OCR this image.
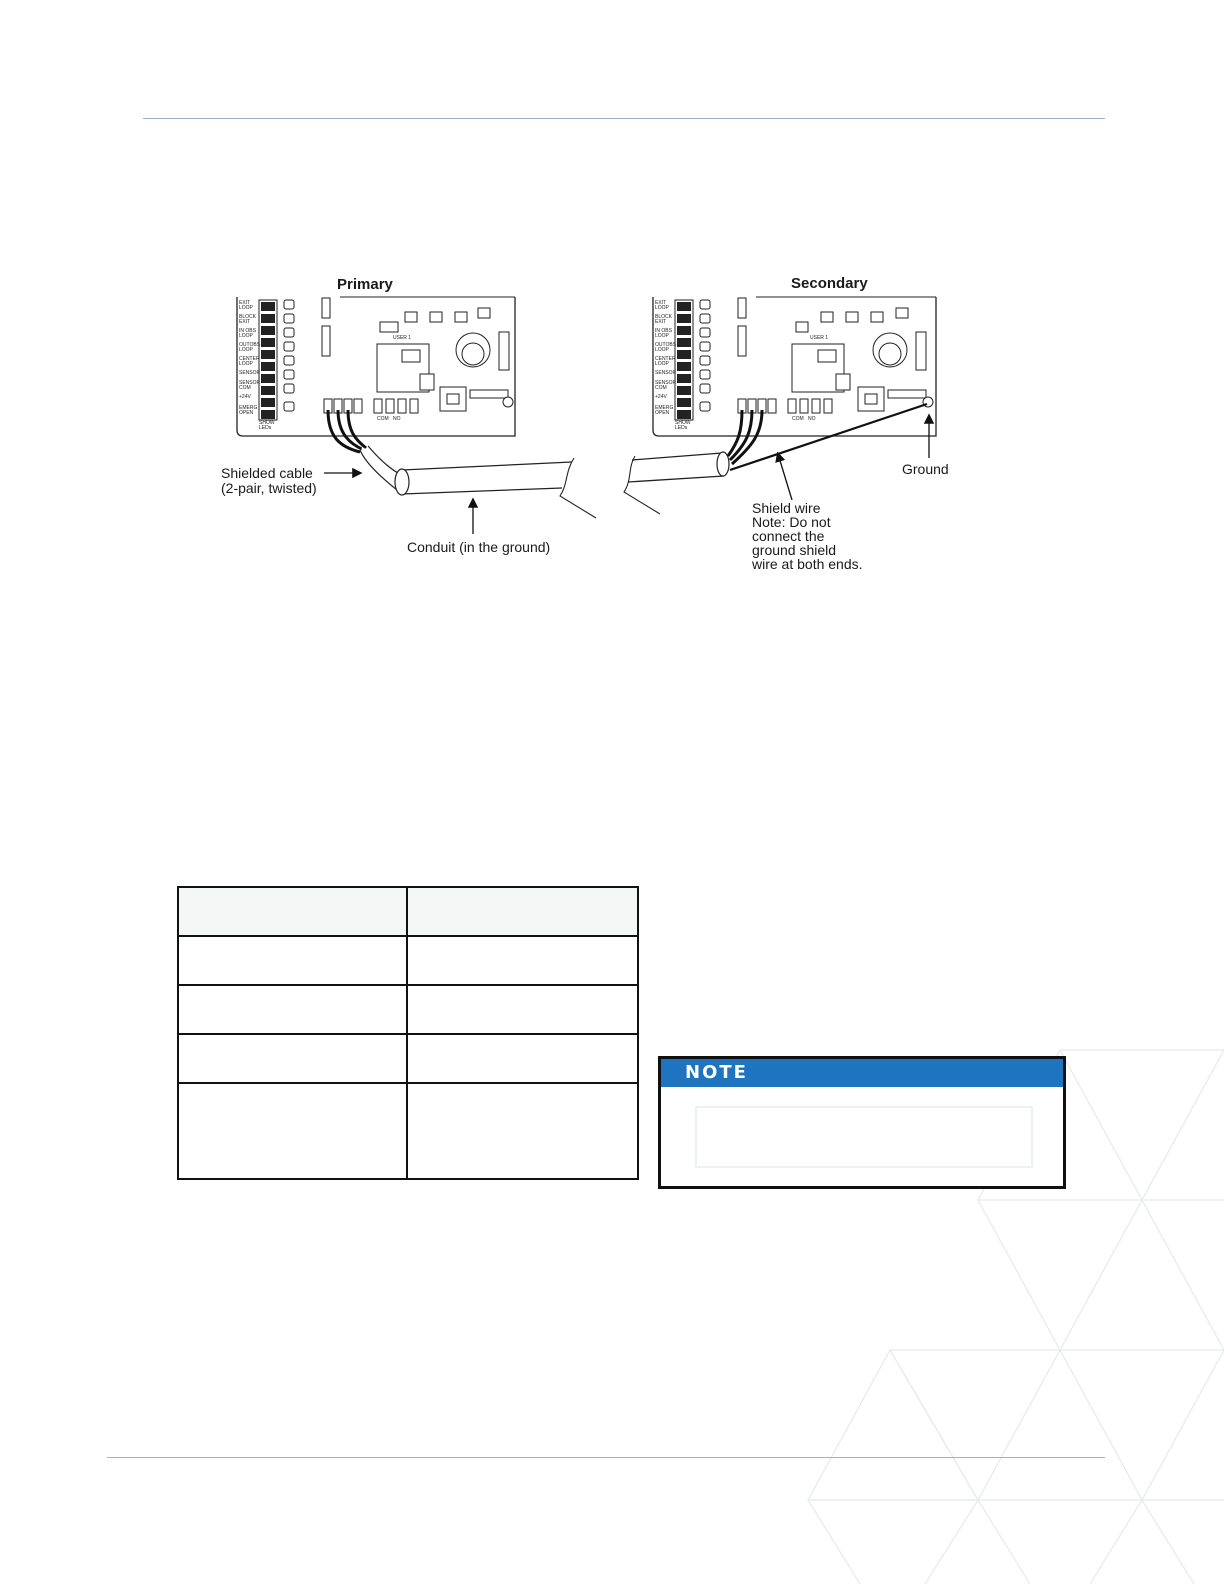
Primary	Secondary
EXIT
LOOP
BLOCK
EXIT
IN OBS
LOOP
OUTOBS
LOOP
CENTER
LOOP
SENSOR
SENSOR
COM
+24V
EMERG
OPEN
SHOW
LEDs
USER 1
COM NO
EXIT
LOOP
BLOCK
EXIT
IN OBS
LOOP
OUTOBS
LOOP
CENTER
LOOP
SENSOR
SENSOR
COM
+24V
EMERG
OPEN
SHOW
LEDs
USER 1
COM NO
Shielded cable
(2-pair, twisted)
Conduit (in the ground)
Ground
Shield wire
Note: Do not
connect the
ground shield
wire at both ends.

NOTE
